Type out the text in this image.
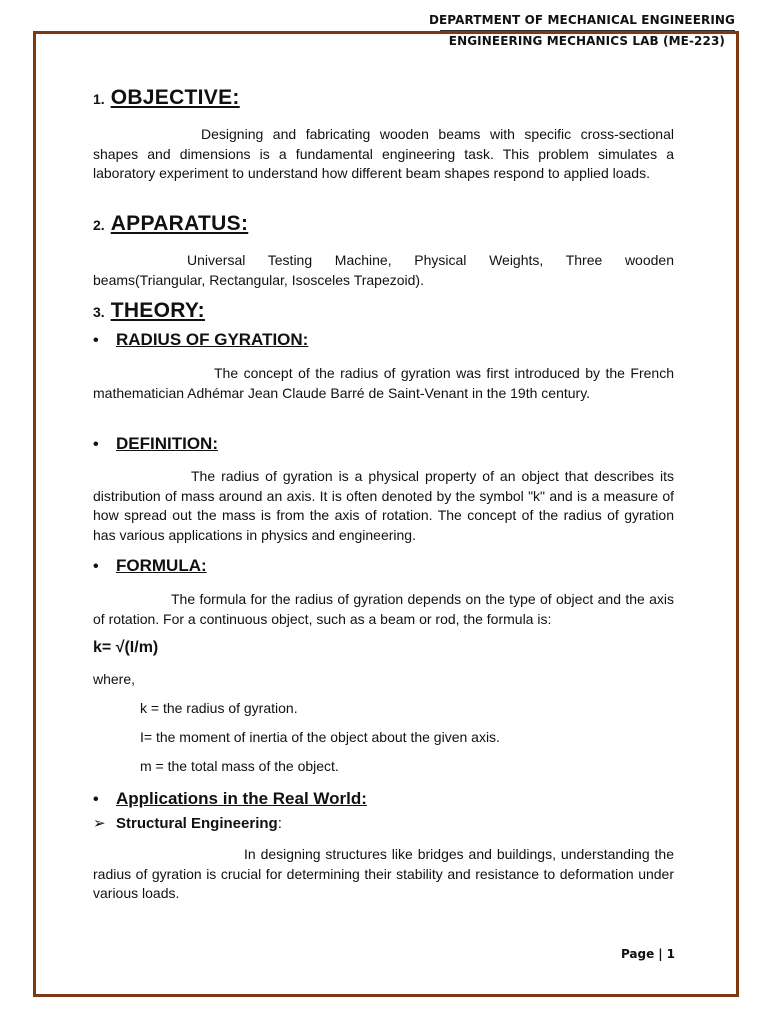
DEPARTMENT OF MECHANICAL ENGINEERING
ENGINEERING MECHANICS LAB (ME-223)
1. OBJECTIVE:
Designing and fabricating wooden beams with specific cross-sectional shapes and dimensions is a fundamental engineering task. This problem simulates a laboratory experiment to understand how different beam shapes respond to applied loads.
2. APPARATUS:
Universal Testing Machine, Physical Weights, Three wooden beams(Triangular, Rectangular, Isosceles Trapezoid).
3. THEORY:
• RADIUS OF GYRATION:
The concept of the radius of gyration was first introduced by the French mathematician Adhémar Jean Claude Barré de Saint-Venant in the 19th century.
• DEFINITION:
The radius of gyration is a physical property of an object that describes its distribution of mass around an axis. It is often denoted by the symbol "k" and is a measure of how spread out the mass is from the axis of rotation. The concept of the radius of gyration has various applications in physics and engineering.
• FORMULA:
The formula for the radius of gyration depends on the type of object and the axis of rotation. For a continuous object, such as a beam or rod, the formula is:
k= √(I/m)
where,
k = the radius of gyration.
I= the moment of inertia of the object about the given axis.
m = the total mass of the object.
• Applications in the Real World:
➢ Structural Engineering:
In designing structures like bridges and buildings, understanding the radius of gyration is crucial for determining their stability and resistance to deformation under various loads.
Page | 1
